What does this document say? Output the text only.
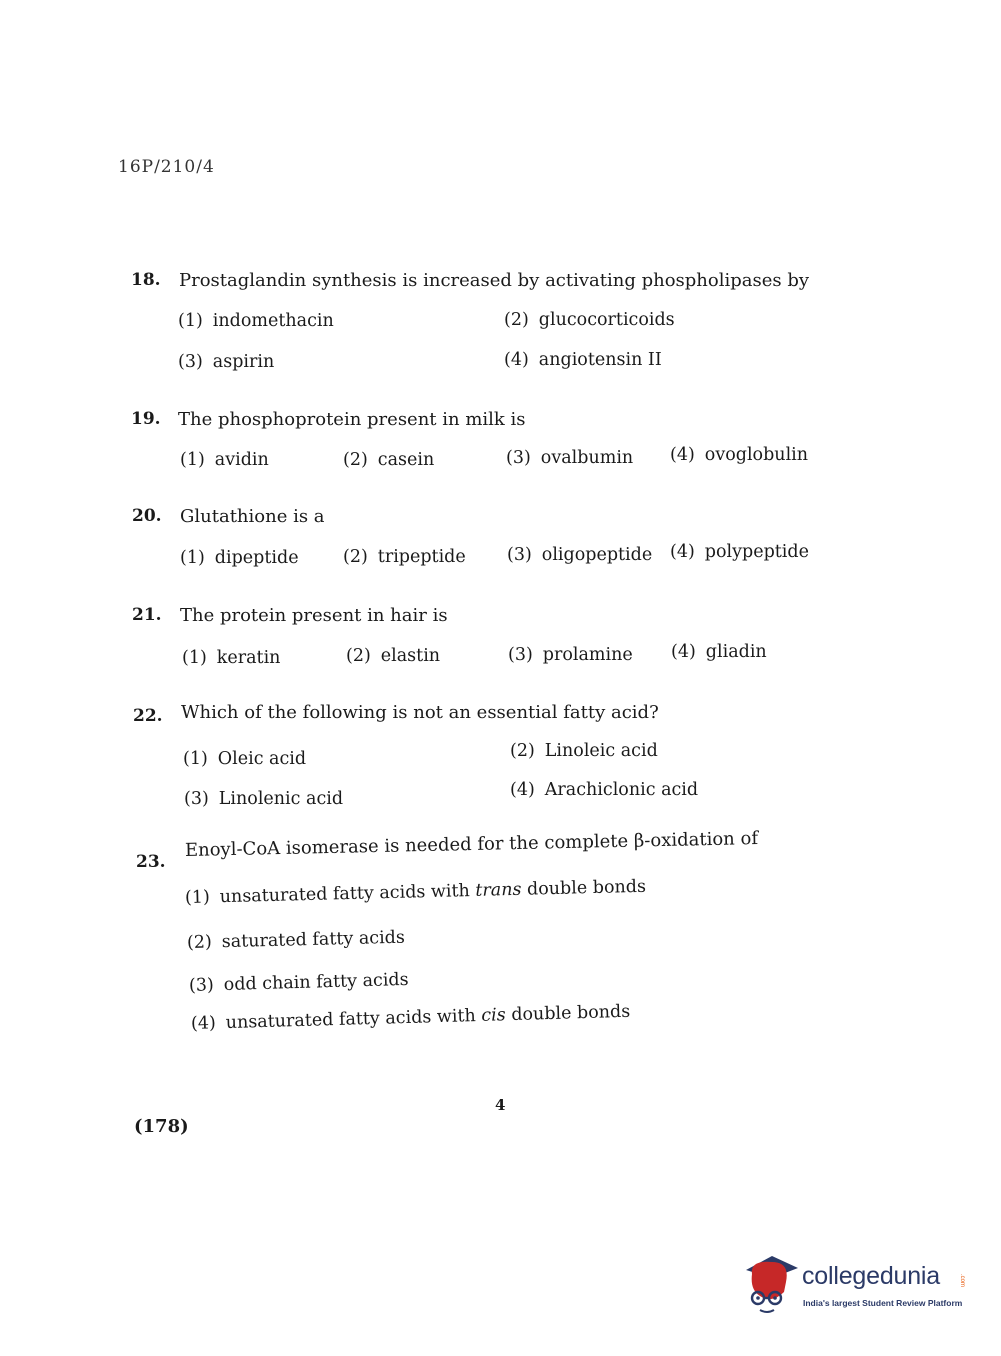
16P/210/4
18. Prostaglandin synthesis is increased by activating phospholipases by
(1) indomethacin	(2) glucocorticoids
(3) aspirin	(4) angiotensin II
19. The phosphoprotein present in milk is
(1) avidin	(2) casein	(3) ovalbumin (4) ovoglobulin
20. Glutathione is a
(1) dipeptide	(2) tripeptide (3) oligopeptide (4) polypeptide
21. The protein present in hair is
(1) keratin	(2) elastin	(3) prolamine (4) gliadin
22. Which of the following is not an essential fatty acid?
(1) Oleic acid	(2) Linoleic acid
(3) Linolenic acid	(4) Arachiclonic acid
23.
Enoyl-CoA isomerase is needed for the complete β-oxidation of
(1) unsaturated fatty acids with trans double bonds
(2) saturated fatty acids
(3) odd chain fatty acids
(4) unsaturated fatty acids with cis double bonds
4
(178)
collegedunia	.com
India's largest Student Review Platform
